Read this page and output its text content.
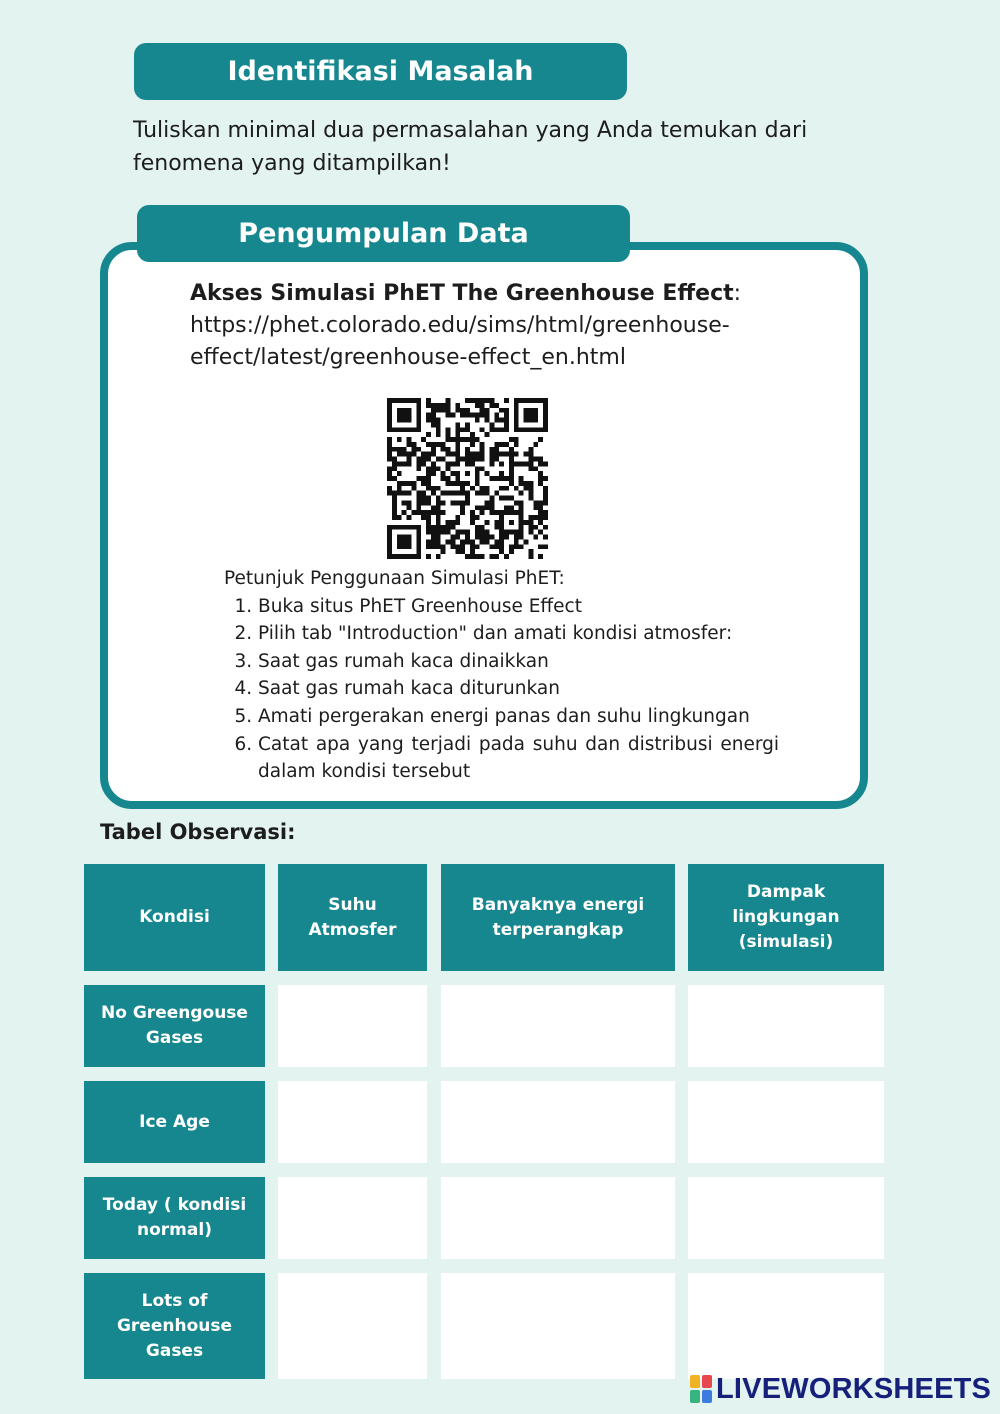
Identifikasi Masalah
Tuliskan minimal dua permasalahan yang Anda temukan dari
fenomena yang ditampilkan!
Pengumpulan Data
Akses Simulasi PhET The Greenhouse Effect:
https://phet.colorado.edu/sims/html/greenhouse-
effect/latest/greenhouse-effect_en.html
Petunjuk Penggunaan Simulasi PhET:
1. Buka situs PhET Greenhouse Effect
2. Pilih tab "Introduction" dan amati kondisi atmosfer:
3. Saat gas rumah kaca dinaikkan
4. Saat gas rumah kaca diturunkan
5. Amati pergerakan energi panas dan suhu lingkungan
6. Catat apa yang terjadi pada suhu dan distribusi energi dalam kondisi tersebut
Tabel Observasi:
Kondisi
Suhu Atmosfer
Banyaknya energi terperangkap
Dampak lingkungan (simulasi)
No Greengouse Gases
Ice Age
Today ( kondisi normal)
Lots of Greenhouse Gases
LIVEWORKSHEETS
